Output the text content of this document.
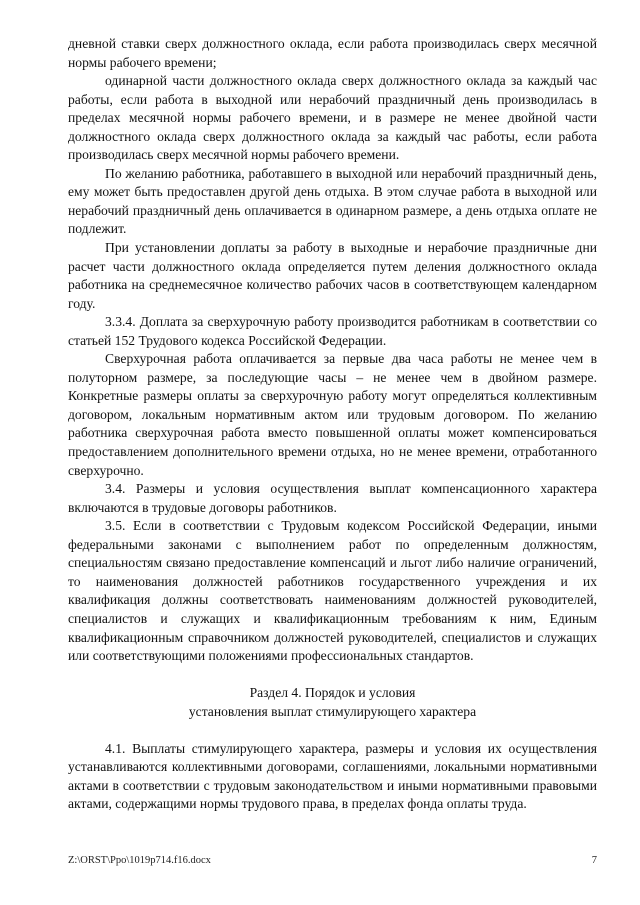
дневной ставки сверх должностного оклада, если работа производилась сверх месячной нормы рабочего времени;

одинарной части должностного оклада сверх должностного оклада за каждый час работы, если работа в выходной или нерабочий праздничный день производилась в пределах месячной нормы рабочего времени, и в размере не менее двойной части должностного оклада сверх должностного оклада за каждый час работы, если работа производилась сверх месячной нормы рабочего времени.

По желанию работника, работавшего в выходной или нерабочий праздничный день, ему может быть предоставлен другой день отдыха. В этом случае работа в выходной или нерабочий праздничный день оплачивается в одинарном размере, а день отдыха оплате не подлежит.

При установлении доплаты за работу в выходные и нерабочие праздничные дни расчет части должностного оклада определяется путем деления должностного оклада работника на среднемесячное количество рабочих часов в соответствующем календарном году.

3.3.4. Доплата за сверхурочную работу производится работникам в соответствии со статьей 152 Трудового кодекса Российской Федерации.

Сверхурочная работа оплачивается за первые два часа работы не менее чем в полуторном размере, за последующие часы – не менее чем в двойном размере. Конкретные размеры оплаты за сверхурочную работу могут определяться коллективным договором, локальным нормативным актом или трудовым договором. По желанию работника сверхурочная работа вместо повышенной оплаты может компенсироваться предоставлением дополнительного времени отдыха, но не менее времени, отработанного сверхурочно.

3.4. Размеры и условия осуществления выплат компенсационного характера включаются в трудовые договоры работников.

3.5. Если в соответствии с Трудовым кодексом Российской Федерации, иными федеральными законами с выполнением работ по определенным должностям, специальностям связано предоставление компенсаций и льгот либо наличие ограничений, то наименования должностей работников государственного учреждения и их квалификация должны соответствовать наименованиям должностей руководителей, специалистов и служащих и квалификационным требованиям к ним, Единым квалификационным справочником должностей руководителей, специалистов и служащих или соответствующими положениями профессиональных стандартов.

Раздел 4. Порядок и условия
установления выплат стимулирующего характера

4.1. Выплаты стимулирующего характера, размеры и условия их осуществления устанавливаются коллективными договорами, соглашениями, локальными нормативными актами в соответствии с трудовым законодательством и иными нормативными правовыми актами, содержащими нормы трудового права, в пределах фонда оплаты труда.

Z:\ORST\Ppo\1019p714.f16.docx	7
